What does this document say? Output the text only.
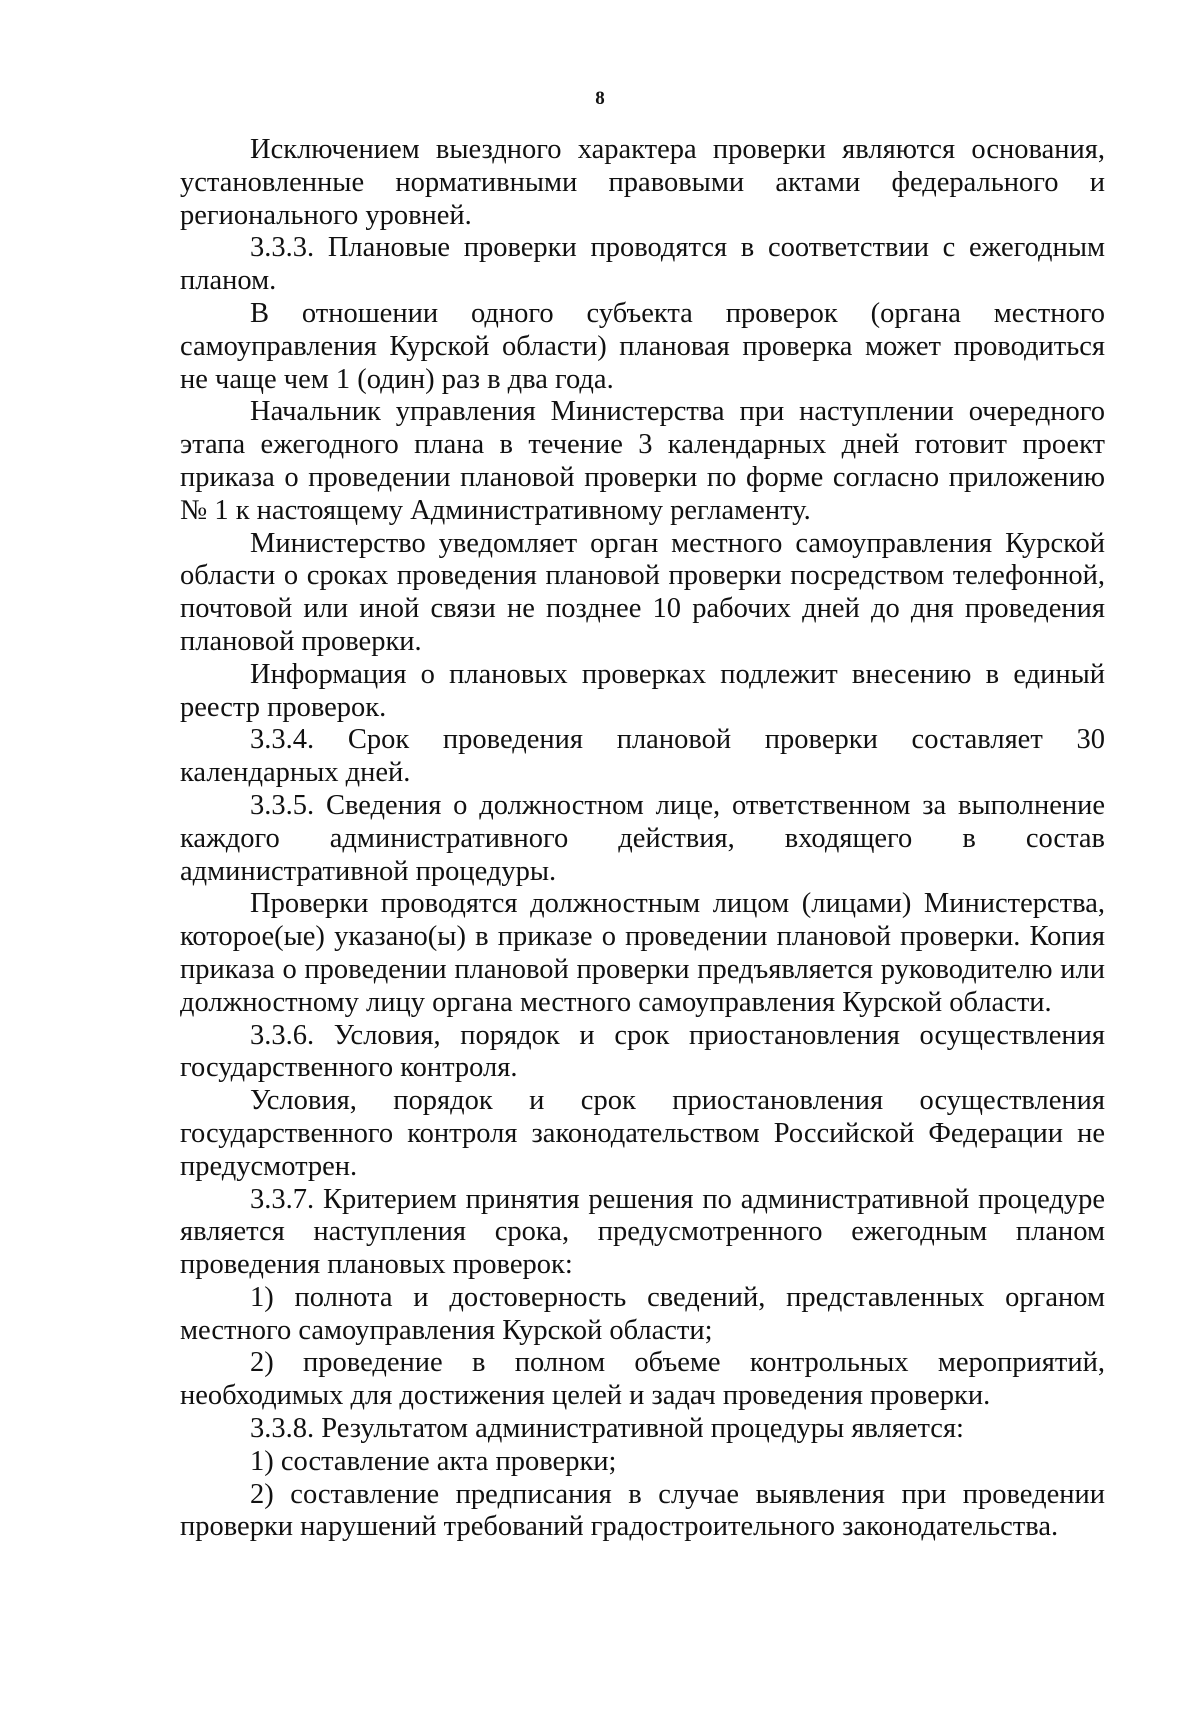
8

Исключением выездного характера проверки являются основания, установленные нормативными правовыми актами федерального и регионального уровней.

3.3.3. Плановые проверки проводятся в соответствии с ежегодным планом.

В отношении одного субъекта проверок (органа местного самоуправления Курской области) плановая проверка может проводиться не чаще чем 1 (один) раз в два года.

Начальник управления Министерства при наступлении очередного этапа ежегодного плана в течение 3 календарных дней готовит проект приказа о проведении плановой проверки по форме согласно приложению № 1 к настоящему Административному регламенту.

Министерство уведомляет орган местного самоуправления Курской области о сроках проведения плановой проверки посредством телефонной, почтовой или иной связи не позднее 10 рабочих дней до дня проведения плановой проверки.

Информация о плановых проверках подлежит внесению в единый реестр проверок.

3.3.4. Срок проведения плановой проверки составляет 30 календарных дней.

3.3.5. Сведения о должностном лице, ответственном за выполнение каждого административного действия, входящего в состав административной процедуры.

Проверки проводятся должностным лицом (лицами) Министерства, которое(ые) указано(ы) в приказе о проведении плановой проверки. Копия приказа о проведении плановой проверки предъявляется руководителю или должностному лицу органа местного самоуправления Курской области.

3.3.6. Условия, порядок и срок приостановления осуществления государственного контроля.

Условия, порядок и срок приостановления осуществления государственного контроля законодательством Российской Федерации не предусмотрен.

3.3.7. Критерием принятия решения по административной процедуре является наступления срока, предусмотренного ежегодным планом проведения плановых проверок:

1) полнота и достоверность сведений, представленных органом местного самоуправления Курской области;

2) проведение в полном объеме контрольных мероприятий, необходимых для достижения целей и задач проведения проверки.

3.3.8. Результатом административной процедуры является:

1) составление акта проверки;

2) составление предписания в случае выявления при проведении проверки нарушений требований градостроительного законодательства.
